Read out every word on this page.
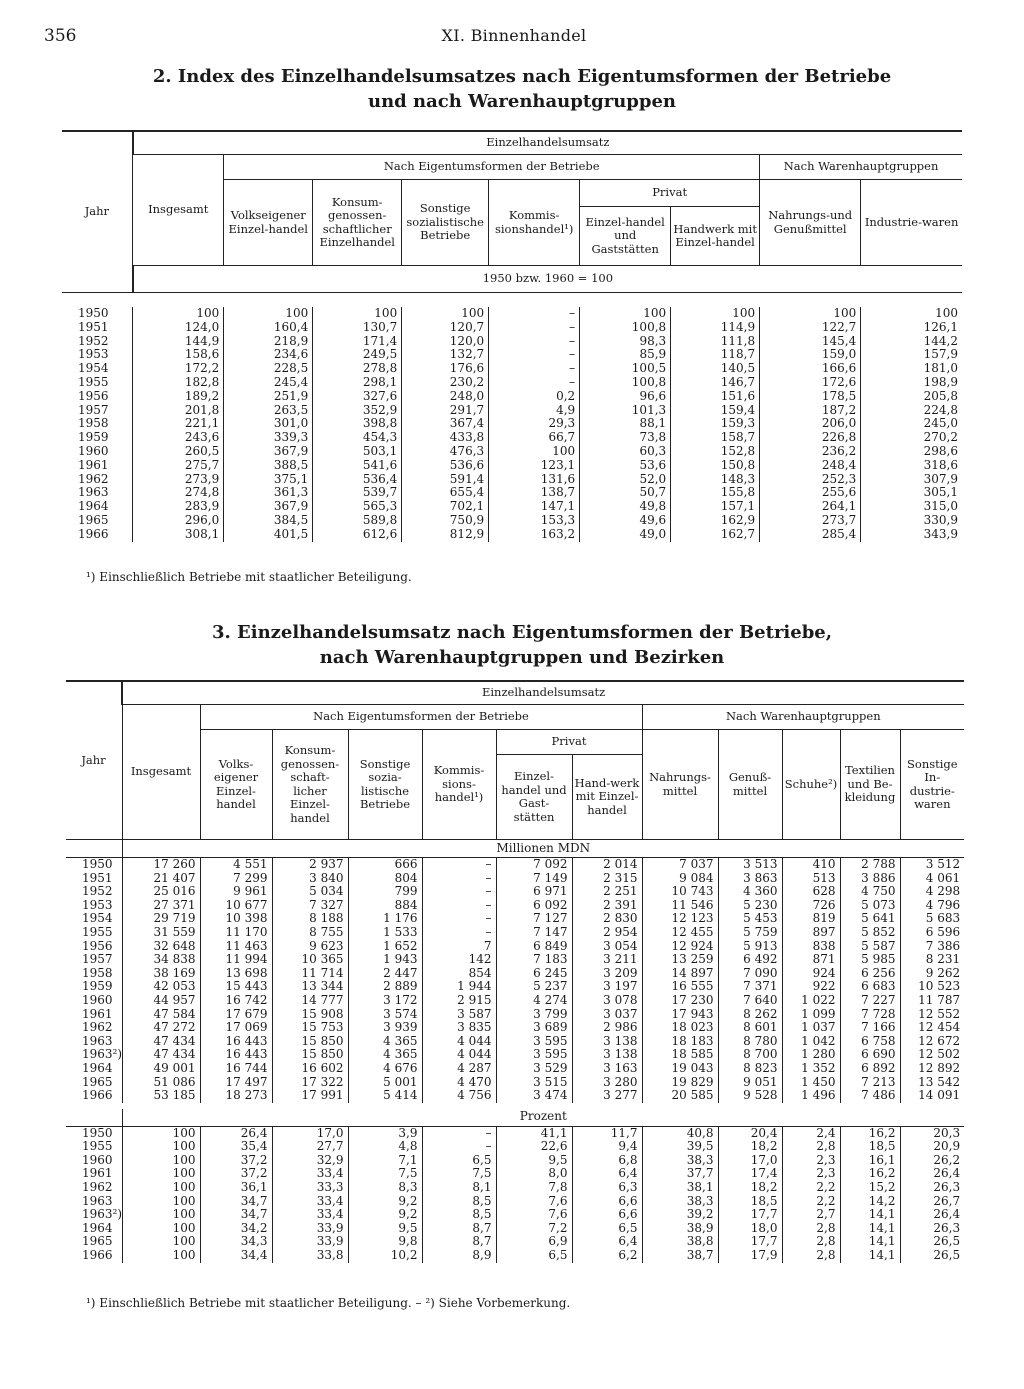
356	XI. Binnenhandel
2. Index des Einzelhandelsumsatzes nach Eigentumsformen der Betriebe
und nach Warenhauptgruppen
Jahr	Einzelhandelsumsatz								
	Insgesamt	Nach Eigentumsformen der Betriebe						Nach Warenhauptgruppen	
		Volkseigener Einzel-handel	Konsum-genossen-schaftlicher Einzelhandel	Sonstige sozialistische Betriebe	Kommis-sionshandel¹)	Privat		Nahrungs-und Genußmittel	Industrie-waren
						Einzel-handel und Gaststätten	Handwerk mit Einzel-handel		
	1950 bzw. 1960 = 100								

1950	100	100	100	100	–	100	100	100	100
1951	124,0	160,4	130,7	120,7	–	100,8	114,9	122,7	126,1
1952	144,9	218,9	171,4	120,0	–	98,3	111,8	145,4	144,2
1953	158,6	234,6	249,5	132,7	–	85,9	118,7	159,0	157,9
1954	172,2	228,5	278,8	176,6	–	100,5	140,5	166,6	181,0
1955	182,8	245,4	298,1	230,2	–	100,8	146,7	172,6	198,9
1956	189,2	251,9	327,6	248,0	0,2	96,6	151,6	178,5	205,8
1957	201,8	263,5	352,9	291,7	4,9	101,3	159,4	187,2	224,8
1958	221,1	301,0	398,8	367,4	29,3	88,1	159,3	206,0	245,0
1959	243,6	339,3	454,3	433,8	66,7	73,8	158,7	226,8	270,2
1960	260,5	367,9	503,1	476,3	100	60,3	152,8	236,2	298,6
1961	275,7	388,5	541,6	536,6	123,1	53,6	150,8	248,4	318,6
1962	273,9	375,1	536,4	591,4	131,6	52,0	148,3	252,3	307,9
1963	274,8	361,3	539,7	655,4	138,7	50,7	155,8	255,6	305,1
1964	283,9	367,9	565,3	702,1	147,1	49,8	157,1	264,1	315,0
1965	296,0	384,5	589,8	750,9	153,3	49,6	162,9	273,7	330,9
1966	308,1	401,5	612,6	812,9	163,2	49,0	162,7	285,4	343,9
¹) Einschließlich Betriebe mit staatlicher Beteiligung.
3. Einzelhandelsumsatz nach Eigentumsformen der Betriebe,
nach Warenhauptgruppen und Bezirken
Jahr	Einzelhandelsumsatz											
	Insgesamt	Nach Eigentumsformen der Betriebe						Nach Warenhauptgruppen				
		Volks-eigener Einzel-handel	Konsum-genossen-schaft-licher Einzel-handel	Sonstige sozia-listische Betriebe	Kommis-sions-handel¹)	Privat		Nahrungs-mittel	Genuß-mittel	Schuhe²)	Textilien und Be-kleidung	Sonstige In-dustrie-waren
						Einzel-handel und Gast-stätten	Hand-werk mit Einzel-handel					
	Millionen MDN											
1950	17 260	4 551	2 937	666	–	7 092	2 014	7 037	3 513	410	2 788	3 512
1951	21 407	7 299	3 840	804	–	7 149	2 315	9 084	3 863	513	3 886	4 061
1952	25 016	9 961	5 034	799	–	6 971	2 251	10 743	4 360	628	4 750	4 298
1953	27 371	10 677	7 327	884	–	6 092	2 391	11 546	5 230	726	5 073	4 796
1954	29 719	10 398	8 188	1 176	–	7 127	2 830	12 123	5 453	819	5 641	5 683
1955	31 559	11 170	8 755	1 533	–	7 147	2 954	12 455	5 759	897	5 852	6 596
1956	32 648	11 463	9 623	1 652	7	6 849	3 054	12 924	5 913	838	5 587	7 386
1957	34 838	11 994	10 365	1 943	142	7 183	3 211	13 259	6 492	871	5 985	8 231
1958	38 169	13 698	11 714	2 447	854	6 245	3 209	14 897	7 090	924	6 256	9 262
1959	42 053	15 443	13 344	2 889	1 944	5 237	3 197	16 555	7 371	922	6 683	10 523
1960	44 957	16 742	14 777	3 172	2 915	4 274	3 078	17 230	7 640	1 022	7 227	11 787
1961	47 584	17 679	15 908	3 574	3 587	3 799	3 037	17 943	8 262	1 099	7 728	12 552
1962	47 272	17 069	15 753	3 939	3 835	3 689	2 986	18 023	8 601	1 037	7 166	12 454
1963	47 434	16 443	15 850	4 365	4 044	3 595	3 138	18 183	8 780	1 042	6 758	12 672
1963²)	47 434	16 443	15 850	4 365	4 044	3 595	3 138	18 585	8 700	1 280	6 690	12 502
1964	49 001	16 744	16 602	4 676	4 287	3 529	3 163	19 043	8 823	1 352	6 892	12 892
1965	51 086	17 497	17 322	5 001	4 470	3 515	3 280	19 829	9 051	1 450	7 213	13 542
1966	53 185	18 273	17 991	5 414	4 756	3 474	3 277	20 585	9 528	1 496	7 486	14 091

	Prozent											
1950	100	26,4	17,0	3,9	–	41,1	11,7	40,8	20,4	2,4	16,2	20,3
1955	100	35,4	27,7	4,8	–	22,6	9,4	39,5	18,2	2,8	18,5	20,9
1960	100	37,2	32,9	7,1	6,5	9,5	6,8	38,3	17,0	2,3	16,1	26,2
1961	100	37,2	33,4	7,5	7,5	8,0	6,4	37,7	17,4	2,3	16,2	26,4
1962	100	36,1	33,3	8,3	8,1	7,8	6,3	38,1	18,2	2,2	15,2	26,3
1963	100	34,7	33,4	9,2	8,5	7,6	6,6	38,3	18,5	2,2	14,2	26,7
1963²)	100	34,7	33,4	9,2	8,5	7,6	6,6	39,2	17,7	2,7	14,1	26,4
1964	100	34,2	33,9	9,5	8,7	7,2	6,5	38,9	18,0	2,8	14,1	26,3
1965	100	34,3	33,9	9,8	8,7	6,9	6,4	38,8	17,7	2,8	14,1	26,5
1966	100	34,4	33,8	10,2	8,9	6,5	6,2	38,7	17,9	2,8	14,1	26,5
¹) Einschließlich Betriebe mit staatlicher Beteiligung. – ²) Siehe Vorbemerkung.
